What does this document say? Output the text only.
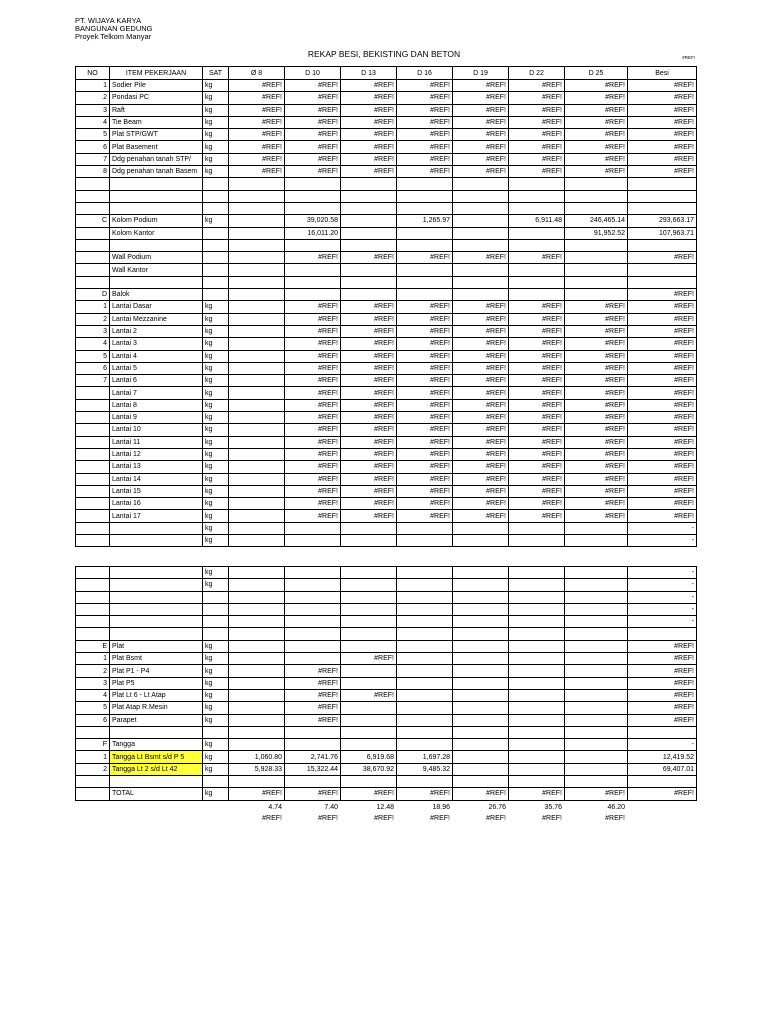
PT. WIJAYA KARYA
BANGUNAN GEDUNG
Proyek Telkom Manyar
REKAP BESI, BEKISTING DAN BETON	#REF!
NO	ITEM PEKERJAAN	SAT	Ø 8	D 10	D 13	D 16	D 19	D 22	D 25	Besi
1	Sodier Pile	kg	#REF!	#REF!	#REF!	#REF!	#REF!	#REF!	#REF!	#REF!
2	Pondasi PC	kg	#REF!	#REF!	#REF!	#REF!	#REF!	#REF!	#REF!	#REF!
3	Raft	kg	#REF!	#REF!	#REF!	#REF!	#REF!	#REF!	#REF!	#REF!
4	Tie Beam	kg	#REF!	#REF!	#REF!	#REF!	#REF!	#REF!	#REF!	#REF!
5	Plat STP/GWT	kg	#REF!	#REF!	#REF!	#REF!	#REF!	#REF!	#REF!	#REF!
6	Plat Basement	kg	#REF!	#REF!	#REF!	#REF!	#REF!	#REF!	#REF!	#REF!
7	Ddg penahan tanah STP/	kg	#REF!	#REF!	#REF!	#REF!	#REF!	#REF!	#REF!	#REF!
8	Ddg penahan tanah Basem	kg	#REF!	#REF!	#REF!	#REF!	#REF!	#REF!	#REF!	#REF!

C	Kolom Podium	kg		39,020.58		1,265.97		6,911.48	246,465.14	293,663.17
	Kolom Kantor			16,011.20					91,952.52	107,963.71

	Wall Podium			#REF!	#REF!	#REF!	#REF!	#REF!		#REF!
	Wall Kantor									

D	Balok									#REF!
1	Lantai Dasar	kg		#REF!	#REF!	#REF!	#REF!	#REF!	#REF!	#REF!
2	Lantai Mezzanine	kg		#REF!	#REF!	#REF!	#REF!	#REF!	#REF!	#REF!
3	Lantai 2	kg		#REF!	#REF!	#REF!	#REF!	#REF!	#REF!	#REF!
4	Lantai 3	kg		#REF!	#REF!	#REF!	#REF!	#REF!	#REF!	#REF!
5	Lantai 4	kg		#REF!	#REF!	#REF!	#REF!	#REF!	#REF!	#REF!
6	Lantai 5	kg		#REF!	#REF!	#REF!	#REF!	#REF!	#REF!	#REF!
7	Lantai 6	kg		#REF!	#REF!	#REF!	#REF!	#REF!	#REF!	#REF!
	Lantai 7	kg		#REF!	#REF!	#REF!	#REF!	#REF!	#REF!	#REF!
	Lantai 8	kg		#REF!	#REF!	#REF!	#REF!	#REF!	#REF!	#REF!
	Lantai 9	kg		#REF!	#REF!	#REF!	#REF!	#REF!	#REF!	#REF!
	Lantai 10	kg		#REF!	#REF!	#REF!	#REF!	#REF!	#REF!	#REF!
	Lantai 11	kg		#REF!	#REF!	#REF!	#REF!	#REF!	#REF!	#REF!
	Lantai 12	kg		#REF!	#REF!	#REF!	#REF!	#REF!	#REF!	#REF!
	Lantai 13	kg		#REF!	#REF!	#REF!	#REF!	#REF!	#REF!	#REF!
	Lantai 14	kg		#REF!	#REF!	#REF!	#REF!	#REF!	#REF!	#REF!
	Lantai 15	kg		#REF!	#REF!	#REF!	#REF!	#REF!	#REF!	#REF!
	Lantai 16	kg		#REF!	#REF!	#REF!	#REF!	#REF!	#REF!	#REF!
	Lantai 17	kg		#REF!	#REF!	#REF!	#REF!	#REF!	#REF!	#REF!
		kg								-
		kg								-
		kg								-
		kg								-
										-
										-
										-

E	Plat	kg								#REF!
1	Plat Bsmt	kg			#REF!					#REF!
2	Plat P1 - P4	kg		#REF!						#REF!
3	Plat P5	kg		#REF!						#REF!
4	Plat Lt 6 - Lt Atap	kg		#REF!	#REF!					#REF!
5	Plat Atap R.Mesin	kg		#REF!						#REF!
6	Parapet	kg		#REF!						#REF!

F	Tangga	kg								-
1	Tangga Lt Bsmt s/d P 5	kg	1,060.80	2,741.76	6,919.68	1,697.28				12,419.52
2	Tangga Lt 2 s/d Lt 42	kg	5,928.33	15,322.44	38,670.92	9,485.32				69,407.01

	TOTAL	kg	#REF!	#REF!	#REF!	#REF!	#REF!	#REF!	#REF!	#REF!
			4.74	7.40	12.48	18.96	26.76	35.76	46.20	
			#REF!	#REF!	#REF!	#REF!	#REF!	#REF!	#REF!	
